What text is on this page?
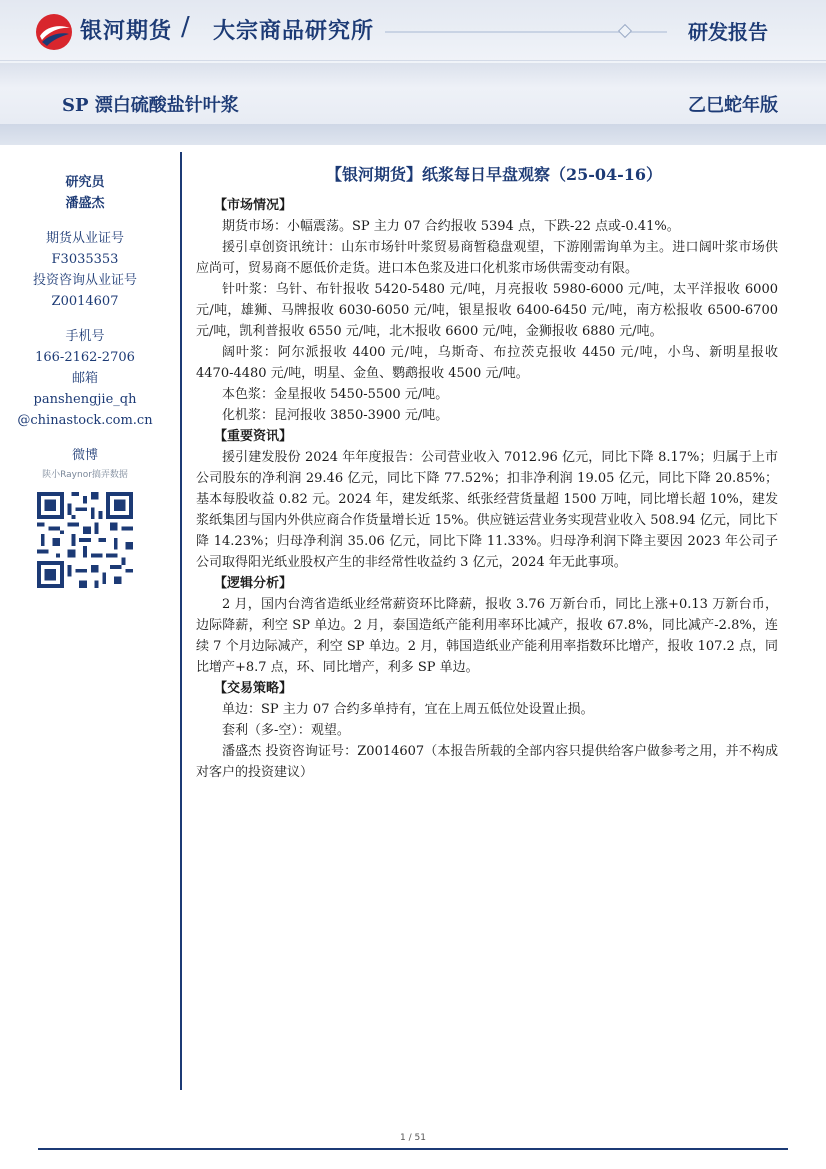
银河期货 / 大宗商品研究所	研发报告
SP 漂白硫酸盐针叶浆	乙巳蛇年版
研究员
潘盛杰
期货从业证号
F3035353
投资咨询从业证号
Z0014607
手机号
166-2162-2706
邮箱
panshengjie_qh
@chinastock.com.cn
微博
陕小Raynor搞弄数据
【银河期货】纸浆每日早盘观察（25-04-16）
【市场情况】

期货市场：小幅震荡。SP 主力 07 合约报收 5394 点，下跌-22 点或-0.41%。

援引卓创资讯统计：山东市场针叶浆贸易商暂稳盘观望，下游刚需询单为主。进口阔叶浆市场供应尚可，贸易商不愿低价走货。进口本色浆及进口化机浆市场供需变动有限。

针叶浆：乌针、布针报收 5420-5480 元/吨，月亮报收 5980-6000 元/吨，太平洋报收 6000 元/吨，雄狮、马牌报收 6030-6050 元/吨，银星报收 6400-6450 元/吨，南方松报收 6500-6700 元/吨，凯利普报收 6550 元/吨，北木报收 6600 元/吨，金狮报收 6880 元/吨。

阔叶浆：阿尔派报收 4400 元/吨，乌斯奇、布拉茨克报收 4450 元/吨，小鸟、新明星报收 4470-4480 元/吨，明星、金鱼、鹦鹉报收 4500 元/吨。

本色浆：金星报收 5450-5500 元/吨。

化机浆：昆河报收 3850-3900 元/吨。

【重要资讯】

援引建发股份 2024 年年度报告：公司营业收入 7012.96 亿元，同比下降 8.17%；归属于上市公司股东的净利润 29.46 亿元，同比下降 77.52%；扣非净利润 19.05 亿元，同比下降 20.85%；基本每股收益 0.82 元。2024 年，建发纸浆、纸张经营货量超 1500 万吨，同比增长超 10%，建发浆纸集团与国内外供应商合作货量增长近 15%。供应链运营业务实现营业收入 508.94 亿元，同比下降 14.23%；归母净利润 35.06 亿元，同比下降 11.33%。归母净利润下降主要因 2023 年公司子公司取得阳光纸业股权产生的非经常性收益约 3 亿元，2024 年无此事项。

【逻辑分析】

2 月，国内台湾省造纸业经常薪资环比降薪，报收 3.76 万新台币，同比上涨+0.13 万新台币，边际降薪，利空 SP 单边。2 月，泰国造纸产能利用率环比减产，报收 67.8%，同比减产-2.8%，连续 7 个月边际减产，利空 SP 单边。2 月，韩国造纸业产能利用率指数环比增产，报收 107.2 点，同比增产+8.7 点，环、同比增产，利多 SP 单边。

【交易策略】

单边：SP 主力 07 合约多单持有，宜在上周五低位处设置止损。

套利（多-空）：观望。

潘盛杰 投资咨询证号：Z0014607（本报告所载的全部内容只提供给客户做参考之用，并不构成对客户的投资建议）

1 / 51
